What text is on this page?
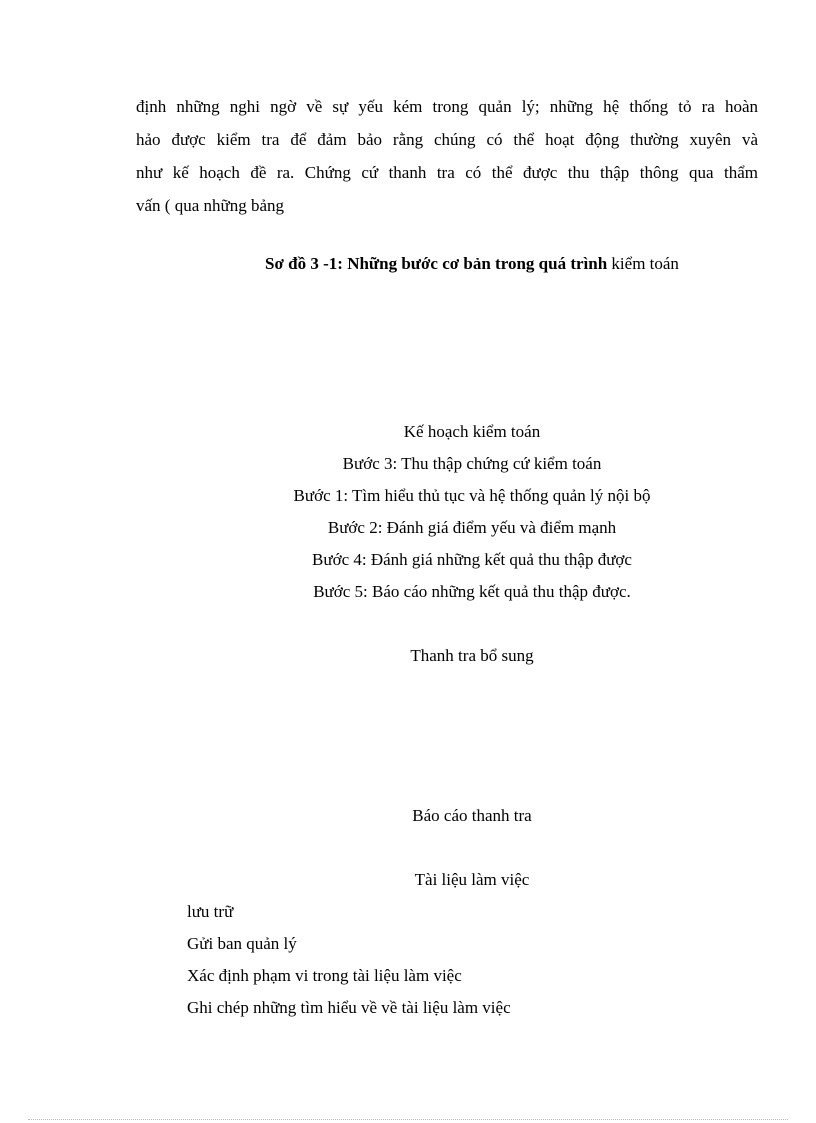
định những nghi ngờ về sự yếu kém trong quản lý; những hệ thống tỏ ra hoàn
hảo được kiểm tra để đảm bảo rằng chúng có thể hoạt động thường xuyên và
như kế hoạch đề ra. Chứng cứ thanh tra có thể được thu thập thông qua thẩm
vấn ( qua những bảng

Sơ đồ 3 -1: Những bước cơ bản trong quá trình kiểm toán

Kế hoạch kiểm toán
Bước 3: Thu thập chứng cứ kiểm toán
Bước 1: Tìm hiểu thủ tục và hệ thống quản lý nội bộ
Bước 2: Đánh giá điểm yếu và điểm mạnh
Bước 4: Đánh giá những kết quả thu thập được
Bước 5: Báo cáo những kết quả thu thập được.
Thanh tra bổ sung
Báo cáo thanh tra
Tài liệu làm việc
lưu trữ
Gửi ban quản lý
Xác định phạm vi trong tài liệu làm việc
Ghi chép những tìm hiểu về về tài liệu làm việc
